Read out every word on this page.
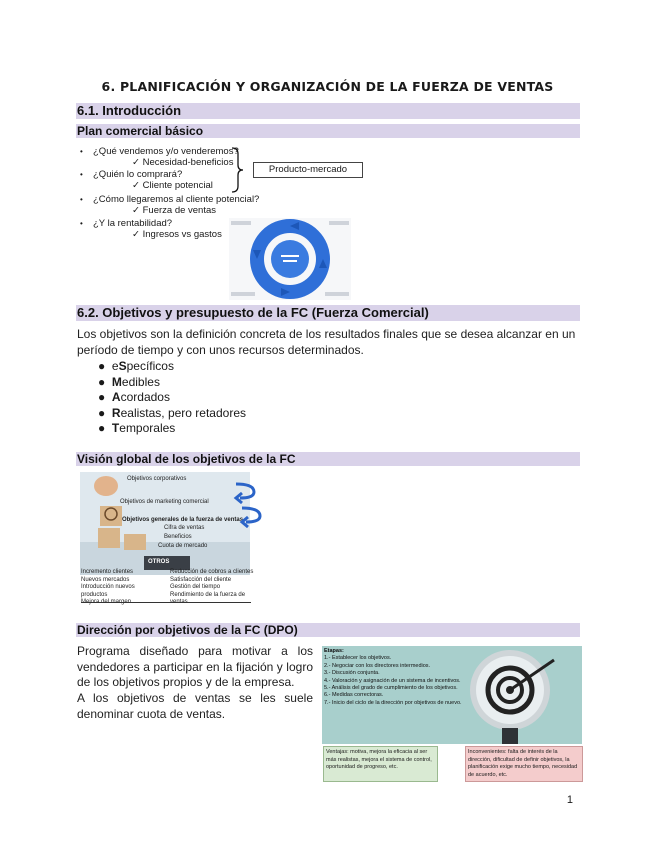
6. PLANIFICACIÓN Y ORGANIZACIÓN DE LA FUERZA DE VENTAS
6.1. Introducción
Plan comercial básico
• ¿Qué vendemos y/o venderemos?
✓ Necesidad-beneficios
• ¿Quién lo comprará?
✓ Cliente potencial
• ¿Cómo llegaremos al cliente potencial?
✓ Fuerza de ventas
• ¿Y la rentabilidad?
✓ Ingresos vs gastos
Producto-mercado
6.2. Objetivos y presupuesto de la FC (Fuerza Comercial)
Los objetivos son la definición concreta de los resultados finales que se desea alcanzar en un período de tiempo y con unos recursos determinados.
● eSpecíficos
● Medibles
● Acordados
● Realistas, pero retadores
● Temporales
Visión global de los objetivos de la FC
Objetivos corporativos
Objetivos de marketing comercial
Objetivos generales de la fuerza de ventas
Cifra de ventas
Beneficios
Cuota de mercado
OTROS
Incremento clientes
Nuevos mercados
Introducción nuevos productos
Reducción de cobros a clientes
Satisfacción del cliente
Gestión del tiempo
Rendimiento de la fuerza de
Dirección por objetivos de la FC (DPO)
Programa diseñado para motivar a los vendedores a participar en la fijación y logro de los objetivos propios y de la empresa.
A los objetivos de ventas se les suele denominar cuota de ventas.
Etapas:
1.- Establecer los objetivos.
2.- Negociar con los directores intermedios.
3.- Discusión conjunta.
4.- Valoración y asignación de un sistema de incentivos.
5.- Análisis del grado de cumplimiento de los objetivos.
6.- Medidas correctoras.
7.- Inicio del ciclo de la dirección por objetivos de nuevo.
Ventajas: motiva, mejora la eficacia al ser más realistas, mejora el sistema de control, oportunidad de progreso, etc.
Inconvenientes: falta de interés de la dirección, dificultad de definir objetivos, la planificación exige mucho tiempo, necesidad de acuerdo, etc.
1
